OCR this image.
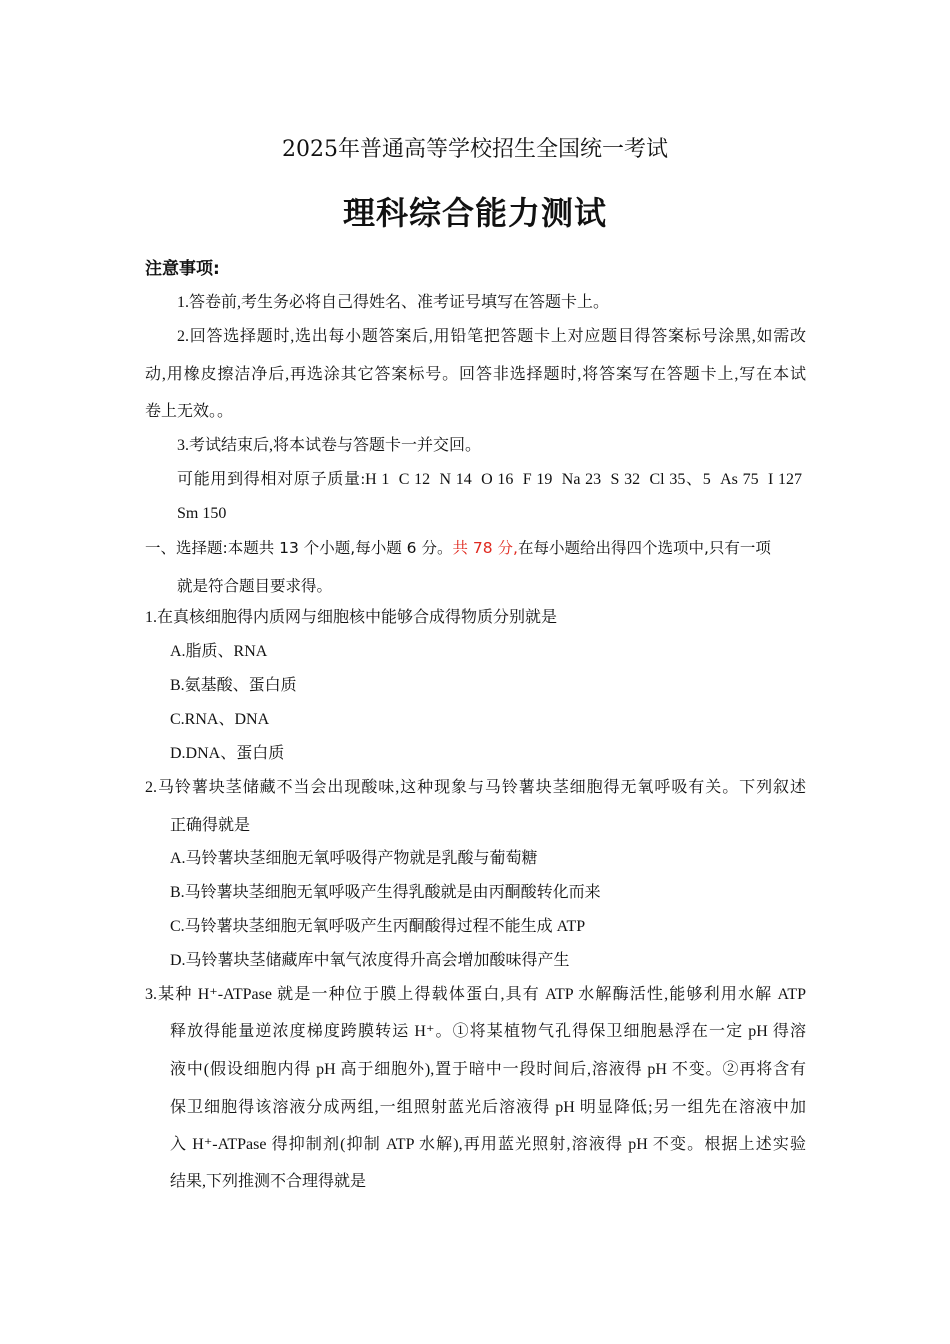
2025年普通高等学校招生全国统一考试
理科综合能力测试
注意事项:
1.答卷前,考生务必将自己得姓名、准考证号填写在答题卡上。
2.回答选择题时,选出每小题答案后,用铅笔把答题卡上对应题目得答案标号涂黑,如需改
动,用橡皮擦洁净后,再选涂其它答案标号。回答非选择题时,将答案写在答题卡上,写在本试
卷上无效。。
3.考试结束后,将本试卷与答题卡一并交回。
可能用到得相对原子质量:H 1  C 12  N 14  O 16  F 19  Na 23  S 32  Cl 35、5  As 75  I 127
Sm 150
一、选择题:本题共 13 个小题,每小题 6 分。共 78 分,在每小题给出得四个选项中,只有一项
就是符合题目要求得。
1.在真核细胞得内质网与细胞核中能够合成得物质分别就是
A.脂质、RNA
B.氨基酸、蛋白质
C.RNA、DNA
D.DNA、蛋白质
2.马铃薯块茎储藏不当会出现酸味,这种现象与马铃薯块茎细胞得无氧呼吸有关。下列叙述
正确得就是
A.马铃薯块茎细胞无氧呼吸得产物就是乳酸与葡萄糖
B.马铃薯块茎细胞无氧呼吸产生得乳酸就是由丙酮酸转化而来
C.马铃薯块茎细胞无氧呼吸产生丙酮酸得过程不能生成 ATP
D.马铃薯块茎储藏库中氧气浓度得升高会增加酸味得产生
3.某种 H⁺-ATPase 就是一种位于膜上得载体蛋白,具有 ATP 水解酶活性,能够利用水解 ATP
释放得能量逆浓度梯度跨膜转运 H⁺。①将某植物气孔得保卫细胞悬浮在一定 pH 得溶
液中(假设细胞内得 pH 高于细胞外),置于暗中一段时间后,溶液得 pH 不变。②再将含有
保卫细胞得该溶液分成两组,一组照射蓝光后溶液得 pH 明显降低;另一组先在溶液中加
入 H⁺-ATPase 得抑制剂(抑制 ATP 水解),再用蓝光照射,溶液得 pH 不变。根据上述实验
结果,下列推测不合理得就是
